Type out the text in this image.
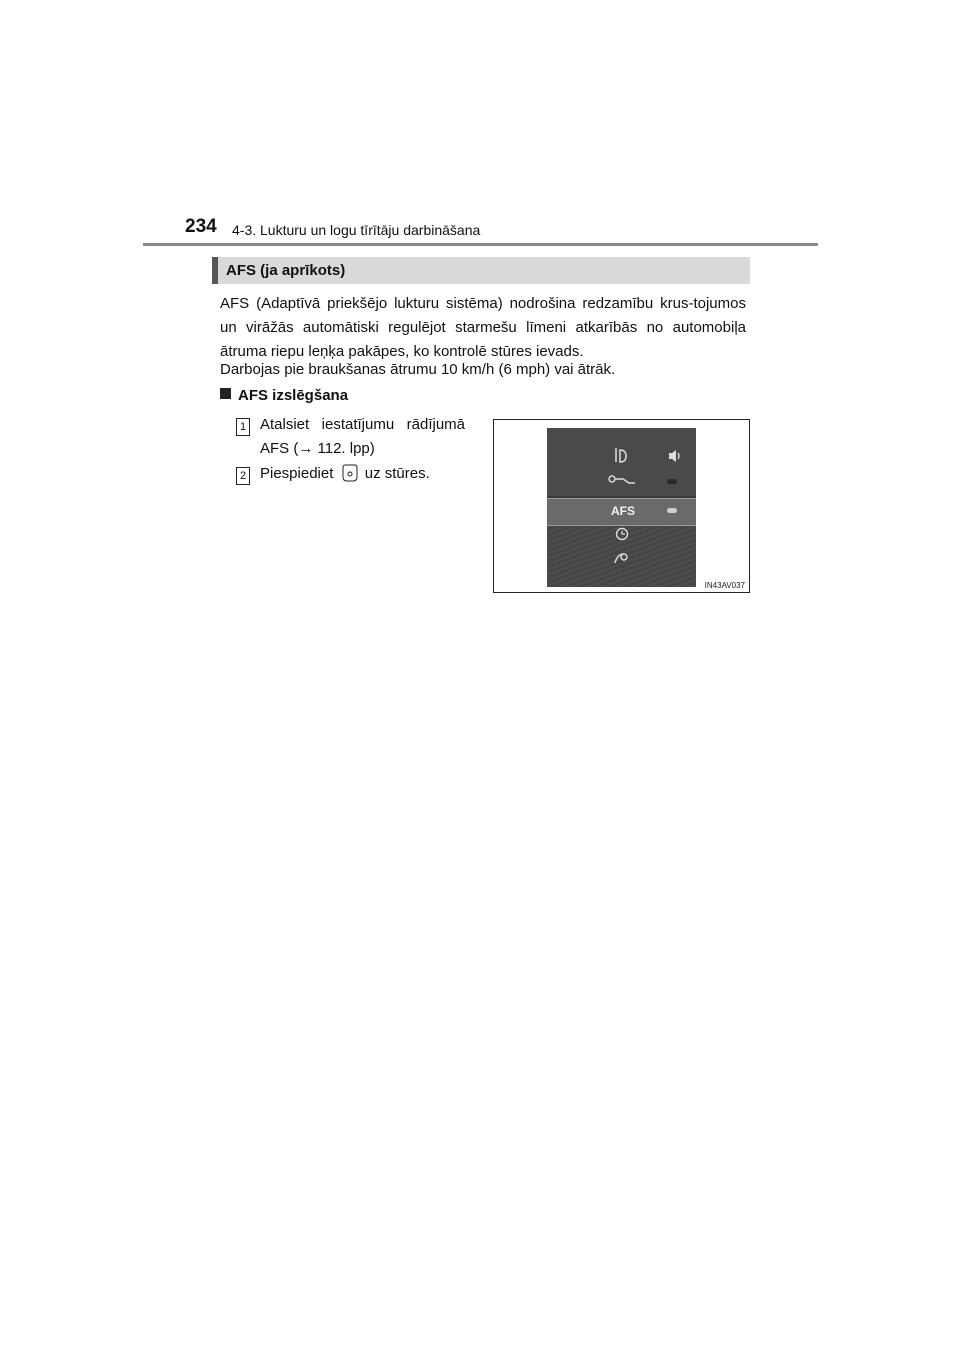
234 4-3. Lukturu un logu tīrītāju darbināšana
AFS (ja aprīkots)
AFS (Adaptīvā priekšējo lukturu sistēma) nodrošina redzamību krus-tojumos un virāžās automātiski regulējot starmešu līmeni atkarībās no automobiļa ātruma riepu leņķa pakāpes, ko kontrolē stūres ievads.
Darbojas pie braukšanas ātrumu 10 km/h (6 mph) vai ātrāk.
AFS izslēgšana
1 Atalsiet iestatījumu rādījumā
AFS (→ 112. lpp)
2 Piespiediet uz stūres.
AFS
IN43AV037
